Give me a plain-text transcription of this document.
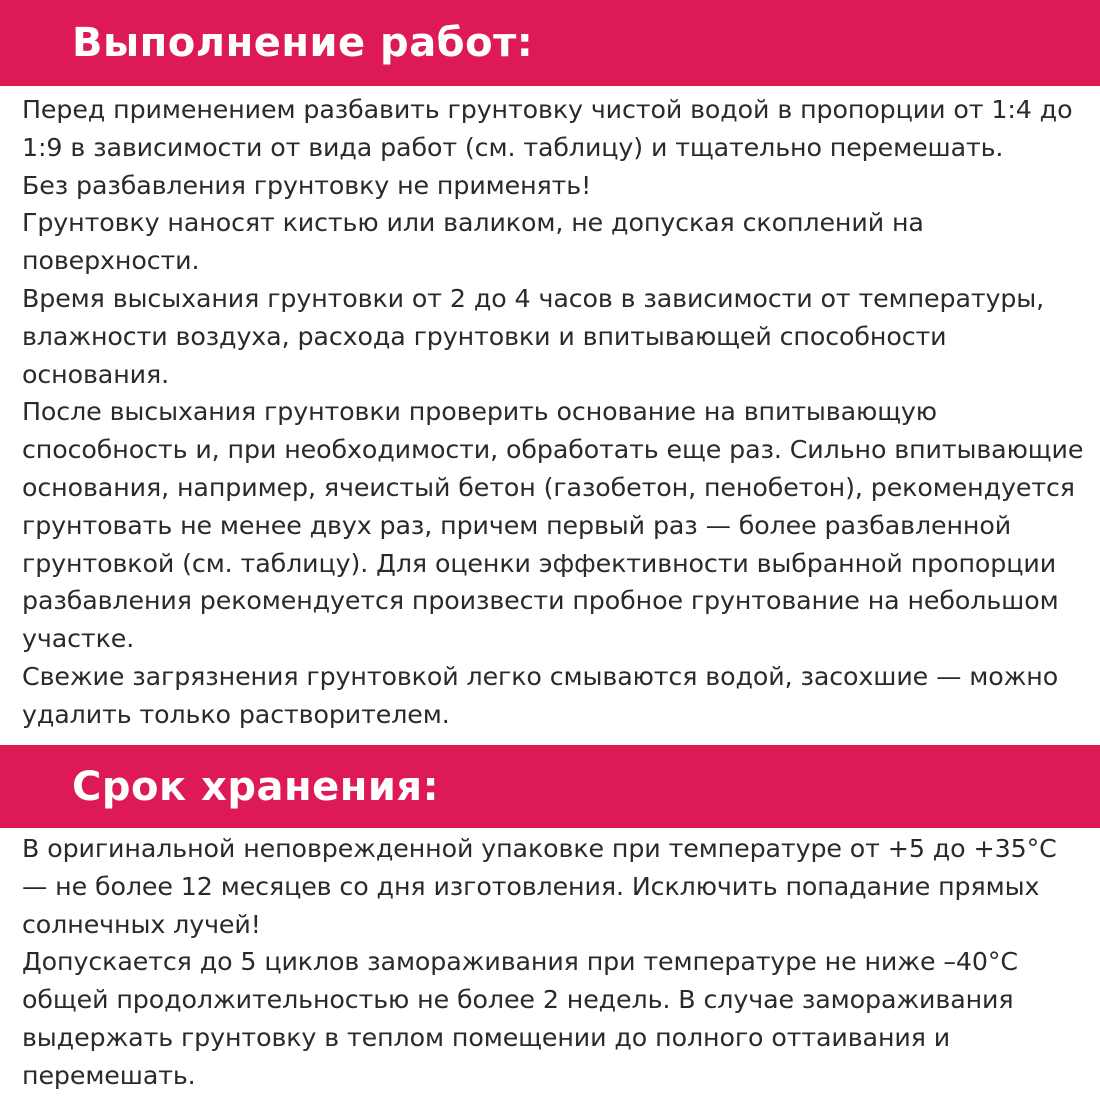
Выполнение работ:

Перед применением разбавить грунтовку чистой водой в пропорции от 1:4 до 1:9 в зависимости от вида работ (см. таблицу) и тщательно перемешать.

Без разбавления грунтовку не применять!

Грунтовку наносят кистью или валиком, не допуская скоплений на поверхности.

Время высыхания грунтовки от 2 до 4 часов в зависимости от температуры, влажности воздуха, расхода грунтовки и впитывающей способности основания.

После высыхания грунтовки проверить основание на впитывающую способность и, при необходимости, обработать еще раз. Сильно впитывающие основания, например, ячеистый бетон (газобетон, пенобетон), рекомендуется грунтовать не менее двух раз, причем первый раз — более разбавленной грунтовкой (см. таблицу). Для оценки эффективности выбранной пропорции разбавления рекомендуется произвести пробное грунтование на небольшом участке.

Свежие загрязнения грунтовкой легко смываются водой, засохшие — можно удалить только растворителем.

Срок хранения:

В оригинальной неповрежденной упаковке при температуре от +5 до +35°C — не более 12 месяцев со дня изготовления. Исключить попадание прямых солнечных лучей!

Допускается до 5 циклов замораживания при температуре не ниже –40°C общей продолжительностью не более 2 недель. В случае замораживания выдержать грунтовку в теплом помещении до полного оттаивания и перемешать.
